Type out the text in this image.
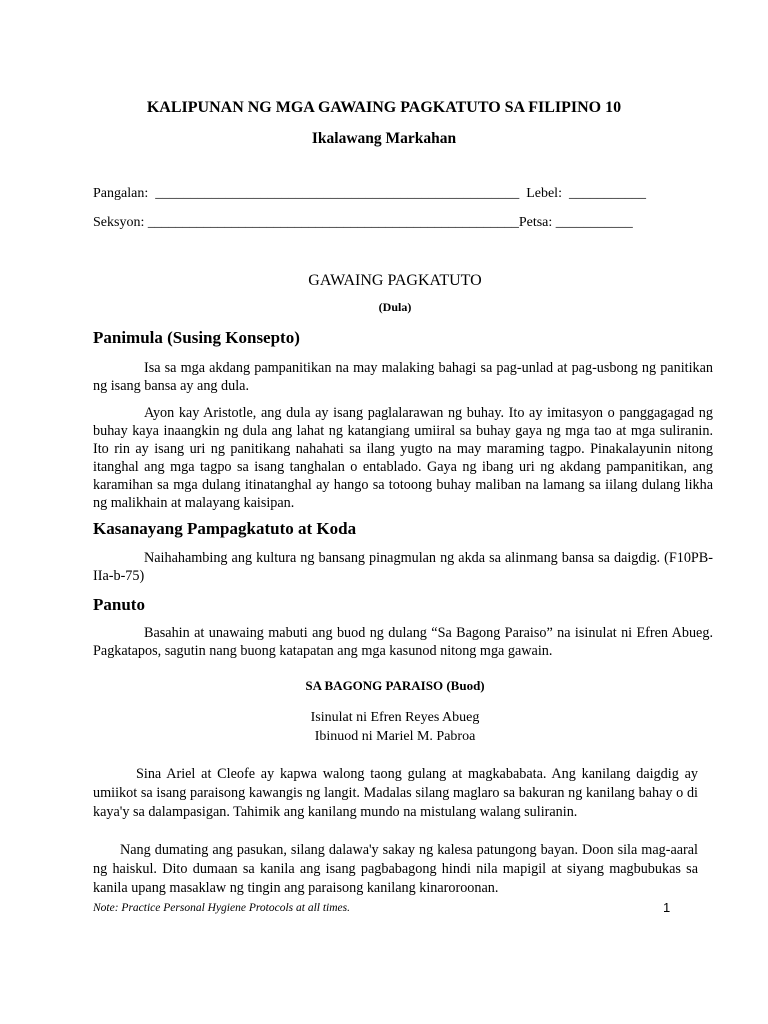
KALIPUNAN NG MGA GAWAING PAGKATUTO SA FILIPINO 10
Ikalawang Markahan
Pangalan:  ____________________________________________________  Lebel:  ___________
Seksyon: _____________________________________________________Petsa: ___________
GAWAING PAGKATUTO
(Dula)
Panimula (Susing Konsepto)
Isa sa mga akdang pampanitikan na may malaking bahagi sa pag-unlad at pag-usbong ng panitikan ng isang bansa ay ang dula.
Ayon kay Aristotle, ang dula ay isang paglalarawan ng buhay. Ito ay imitasyon o panggagagad ng buhay kaya inaangkin ng dula ang lahat ng katangiang umiiral sa buhay gaya ng mga tao at mga suliranin. Ito rin ay isang uri ng panitikang nahahati sa ilang yugto na may maraming tagpo. Pinakalayunin nitong itanghal ang mga tagpo sa isang tanghalan o entablado. Gaya ng ibang uri ng akdang pampanitikan, ang karamihan sa mga dulang itinatanghal ay hango sa totoong buhay maliban na lamang sa iilang dulang likha ng malikhain at malayang kaisipan.
Kasanayang Pampagkatuto at Koda
Naihahambing ang kultura ng bansang pinagmulan ng akda sa alinmang bansa sa daigdig. (F10PB-IIa-b-75)
Panuto
Basahin at unawaing mabuti ang buod ng dulang “Sa Bagong Paraiso” na isinulat ni Efren Abueg. Pagkatapos, sagutin nang buong katapatan ang mga kasunod nitong mga gawain.
SA BAGONG PARAISO (Buod)
Isinulat ni Efren Reyes Abueg
Ibinuod ni Mariel M. Pabroa
Sina Ariel at Cleofe ay kapwa walong taong gulang at magkababata. Ang kanilang daigdig ay umiikot sa isang paraisong kawangis ng langit. Madalas silang maglaro sa bakuran ng kanilang bahay o di kaya'y sa dalampasigan. Tahimik ang kanilang mundo na mistulang walang suliranin.
Nang dumating ang pasukan, silang dalawa'y sakay ng kalesa patungong bayan. Doon sila mag-aaral ng haiskul. Dito dumaan sa kanila ang isang pagbabagong hindi nila mapigil at siyang magbubukas sa kanila upang masaklaw ng tingin ang paraisong kanilang kinaroroonan.
Note: Practice Personal Hygiene Protocols at all times.	1
